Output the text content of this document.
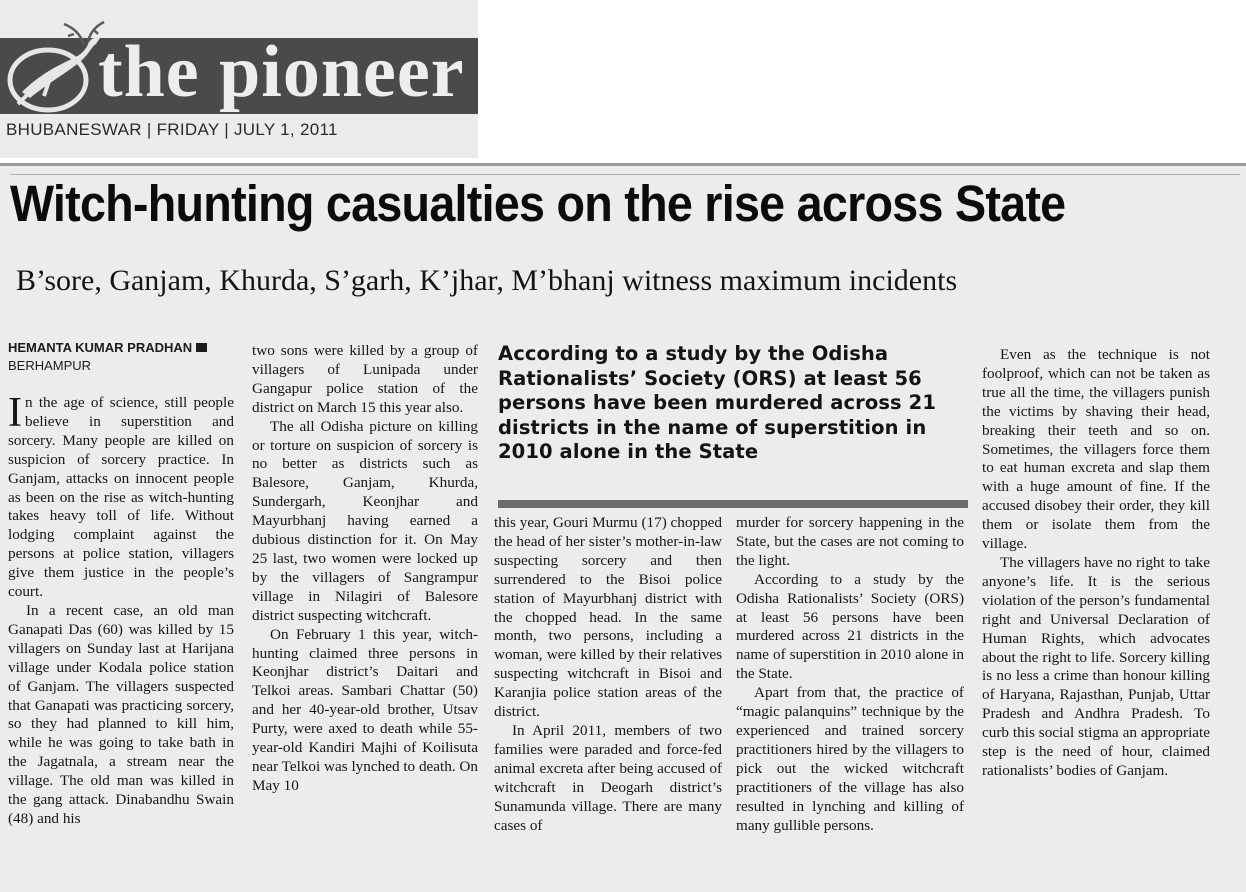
the pioneer
BHUBANESWAR | FRIDAY | JULY 1, 2011
Witch-hunting casualties on the rise across State
B’sore, Ganjam, Khurda, S’garh, K’jhar, M’bhanj witness maximum incidents
HEMANTA KUMAR PRADHAN
BERHAMPUR
According to a study by the Odisha Rationalists’ Society (ORS) at least 56 persons have been murdered across 21 districts in the name of superstition in 2010 alone in the State

In the age of science, still people believe in superstition and sorcery. Many people are killed on suspicion of sorcery practice. In Ganjam, attacks on innocent people as been on the rise as witch-hunting takes heavy toll of life. Without lodging complaint against the persons at police station, villagers give them justice in the people’s court.

In a recent case, an old man Ganapati Das (60) was killed by 15 villagers on Sunday last at Harijana village under Kodala police station of Ganjam. The villagers suspected that Ganapati was practicing sorcery, so they had planned to kill him, while he was going to take bath in the Jagatnala, a stream near the village. The old man was killed in the gang attack. Dinabandhu Swain (48) and his

two sons were killed by a group of villagers of Lunipada under Gangapur police station of the district on March 15 this year also.

The all Odisha picture on killing or torture on suspicion of sorcery is no better as districts such as Balesore, Ganjam, Khurda, Sundergarh, Keonjhar and Mayurbhanj having earned a dubious distinction for it. On May 25 last, two women were locked up by the villagers of Sangrampur village in Nilagiri of Balesore district suspecting witchcraft.

On February 1 this year, witch-hunting claimed three persons in Keonjhar district’s Daitari and Telkoi areas. Sambari Chattar (50) and her 40-year-old brother, Utsav Purty, were axed to death while 55-year-old Kandiri Majhi of Koilisuta near Telkoi was lynched to death. On May 10

this year, Gouri Murmu (17) chopped the head of her sister’s mother-in-law suspecting sorcery and then surrendered to the Bisoi police station of Mayurbhanj district with the chopped head. In the same month, two persons, including a woman, were killed by their relatives suspecting witchcraft in Bisoi and Karanjia police station areas of the district.

In April 2011, members of two families were paraded and force-fed animal excreta after being accused of witchcraft in Deogarh district’s Sunamunda village. There are many cases of

murder for sorcery happening in the State, but the cases are not coming to the light.

According to a study by the Odisha Rationalists’ Society (ORS) at least 56 persons have been murdered across 21 districts in the name of superstition in 2010 alone in the State.

Apart from that, the practice of “magic palanquins” technique by the experienced and trained sorcery practitioners hired by the villagers to pick out the wicked witchcraft practitioners of the village has also resulted in lynching and killing of many gullible persons.

Even as the technique is not foolproof, which can not be taken as true all the time, the villagers punish the victims by shaving their head, breaking their teeth and so on. Sometimes, the villagers force them to eat human excreta and slap them with a huge amount of fine. If the accused disobey their order, they kill them or isolate them from the village.

The villagers have no right to take anyone’s life. It is the serious violation of the person’s fundamental right and Universal Declaration of Human Rights, which advocates about the right to life. Sorcery killing is no less a crime than honour killing of Haryana, Rajasthan, Punjab, Uttar Pradesh and Andhra Pradesh. To curb this social stigma an appropriate step is the need of hour, claimed rationalists’ bodies of Ganjam.
